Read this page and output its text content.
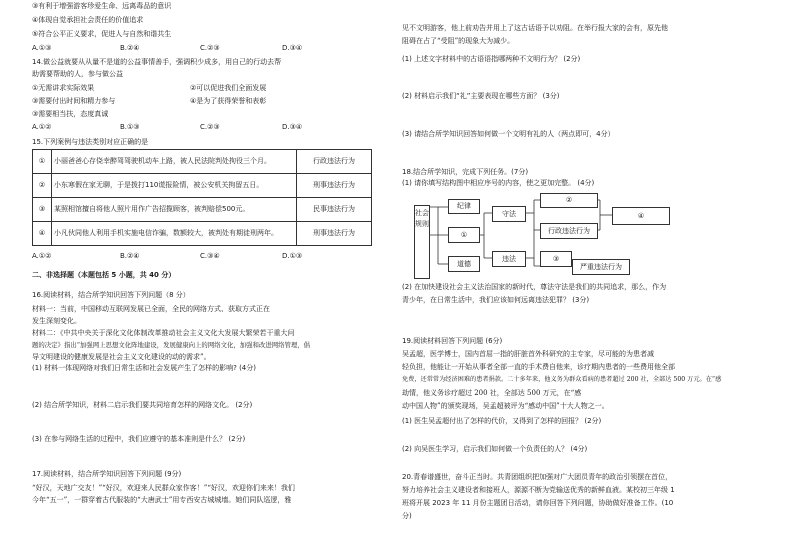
③有利于增强游客珍爱生命、远离毒品的意识
④体现自觉承担社会责任的价值追求
⑤符合公平正义要求，促进人与自然和谐共生
A.①③	B.②④	C.②③	D.③④
14.做公益就要从从量不是道的公益事情善手，强调积少成多，用自己的行动去帮
助需要帮助的人，参与做公益
①无需讲求实际效果	②可以促进我们全面发展
③需要付出时间和精力参与	④是为了获得荣誉和表彰
③需要相当扶，态度真诚
A.①②	B.①③	C.②③	D.③④
15.下列案例与违法类别对应正确的是
①	小丽爸爸心存侥幸醉驾驾驶机动车上路，被人民法院判处拘役三个月。	行政违法行为
②	小东寒假在家无聊，于是拨打110谎报险情，被公安机关拘留五日。	刑事违法行为
③	某照相馆擅自将他人照片用作广告招揽顾客，被判赔偿500元。	民事违法行为
④	小凡伙同他人利用手机实施电信诈骗，数额较大，被判处有期徒刑两年。	刑事违法行为
A.①②	B.②④	C.③④	D.①③
二、非选择题（本题包括 5 小题，共 40 分）
16.阅读材料，结合所学知识回答下列问题（8 分）
材料一：当前，中国移动互联网发展已全面，全民的网络方式、获取方式正在
发生深刻变化。
材料二：《中共中央关于深化文化体制改革推动社会主义文化大发展大繁荣若干重大问
题的决定》指出“加强网上思想文化阵地建设，发展健康向上的网络文化，加强和改进网络管理，倡
导文明建设的健康发展是社会主义文化建设的动的需求”。
(1) 材料一体现网络对我们日常生活和社会发展产生了怎样的影响? (4分)
(2) 结合所学知识，材料二启示我们要共同培育怎样的网络文化。 (2分)
(3) 在参与网络生活的过程中，我们应遵守的基本准则是什么？ (2分)
17.阅读材料，结合所学知识回答下列问题 (9分)
“好汉，天地广交友！”“好汉，欢迎来人民群众家作客！”“好汉，欢迎你们来来！我们
今年“五一”，一群穿着古代服装的“大唐武士”用专西安古城城墙。她们同队巡逻，雅
见不文明游客，他上前劝告并用上了这古话语予以劝阻。在举行报大家的会有，原先他
阻碍在占了“受阻”的现象大为减少。
(1) 上述文字材料中的古语语指哪两种不文明行为？ (2分)
(2) 材料启示我们“礼”主要表现在哪些方面？ (3分)
(3) 请结合所学知识回答如何做一个文明有礼的人（两点即可，4分）
18.结合所学知识，完成下列任务。(7分)
(1) 请你填写结构图中相应序号的内容，使之更加完整。 (4分)
社会规则
纪律
①
道德
守法
违法
②
行政违法行为
③
严重违法行为
④
(2) 在加快建设社会主义法治国家的新时代，尊法守法是我们的共同追求，那么，作为
青少年，在日常生活中，我们应该如何远离违法犯罪？ (3分)
19.阅读材料回答下列问题 (6分)
吴孟超，医学博士，国内首屈一指的肝脏首外科研究的主专家，尽可能的为患者减
轻负担，他能让一开始从事者全部一直的手术费自他来，诊疗期内患者的一些费用他全部
免费，还常常为经济困难的患者捐款。二十多年来，他义务为群众看病的患者超过 200 社，全部达 500 万元。在“感
劫情，他义务诊疗超过 200 社，全部达 500 万元，在“感
动中国人物”的颁奖现场，吴孟超被评为“感动中国”十大人物之一。
(1) 医生吴孟超付出了怎样的代价，又得到了怎样的回报？ (2分)
(2) 向吴医生学习，启示我们如何做一个负责任的人？ (4分)
20.青春谱盛世，奋斗正当时。共青团组织把加强对广大团员青年的政治引领摆在首位，
努力培养社会主义建设者和接班人，源源不断为党输送优秀的新鲜血液。某校初三年级 1
班将开展 2023 年 11 月份主题团日活动，请你回答下列问题，协助做好准备工作。(10
分)
